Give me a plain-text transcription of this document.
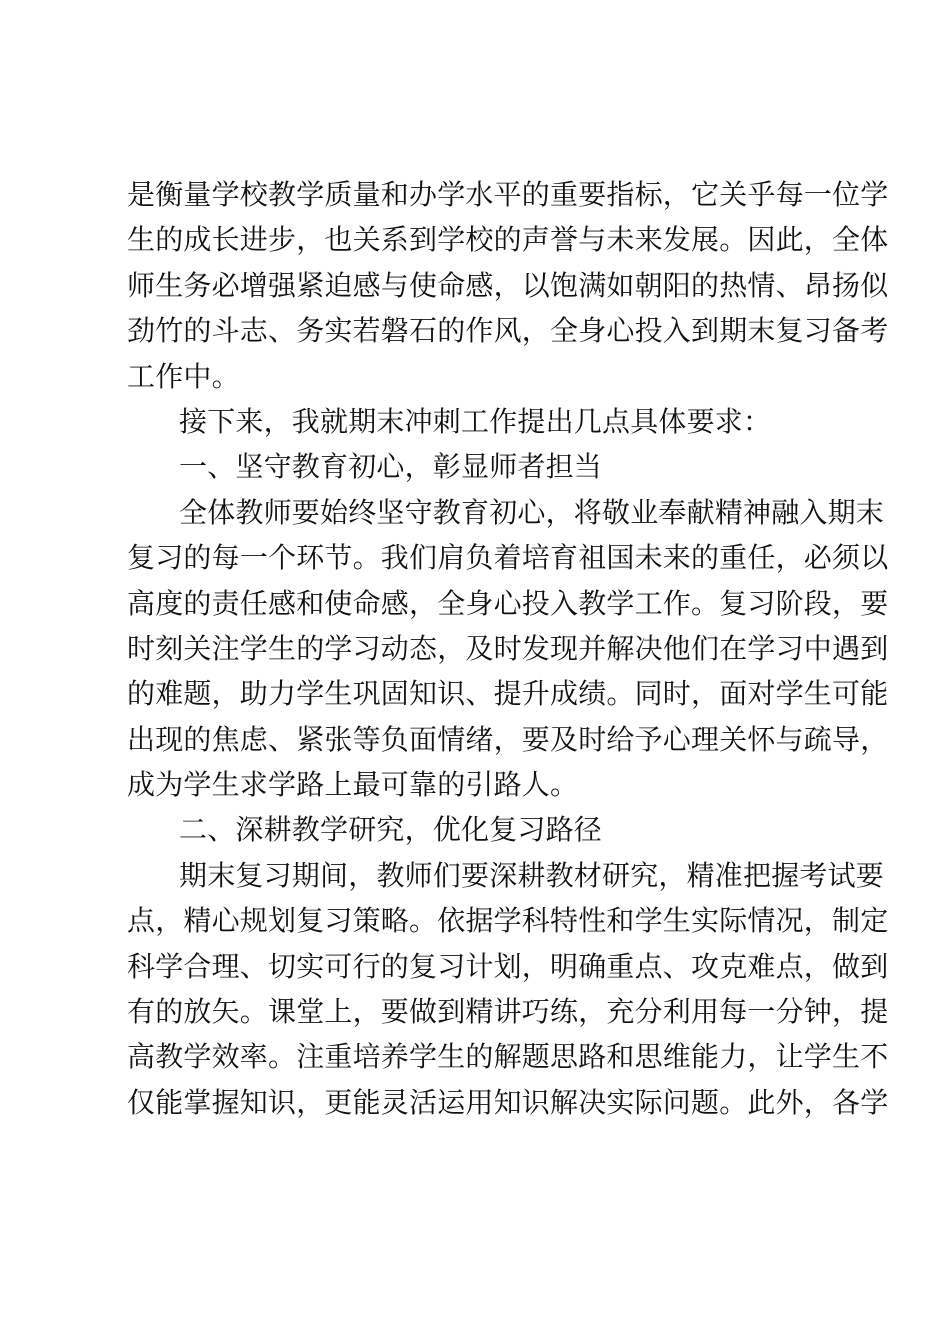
是衡量学校教学质量和办学水平的重要指标，它关乎每一位学
生的成长进步，也关系到学校的声誉与未来发展。因此，全体
师生务必增强紧迫感与使命感，以饱满如朝阳的热情、昂扬似
劲竹的斗志、务实若磐石的作风，全身心投入到期末复习备考
工作中。
接下来，我就期末冲刺工作提出几点具体要求：
一、坚守教育初心，彰显师者担当
全体教师要始终坚守教育初心，将敬业奉献精神融入期末
复习的每一个环节。我们肩负着培育祖国未来的重任，必须以
高度的责任感和使命感，全身心投入教学工作。复习阶段，要
时刻关注学生的学习动态，及时发现并解决他们在学习中遇到
的难题，助力学生巩固知识、提升成绩。同时，面对学生可能
出现的焦虑、紧张等负面情绪，要及时给予心理关怀与疏导，
成为学生求学路上最可靠的引路人。
二、深耕教学研究，优化复习路径
期末复习期间，教师们要深耕教材研究，精准把握考试要
点，精心规划复习策略。依据学科特性和学生实际情况，制定
科学合理、切实可行的复习计划，明确重点、攻克难点，做到
有的放矢。课堂上，要做到精讲巧练，充分利用每一分钟，提
高教学效率。注重培养学生的解题思路和思维能力，让学生不
仅能掌握知识，更能灵活运用知识解决实际问题。此外，各学
